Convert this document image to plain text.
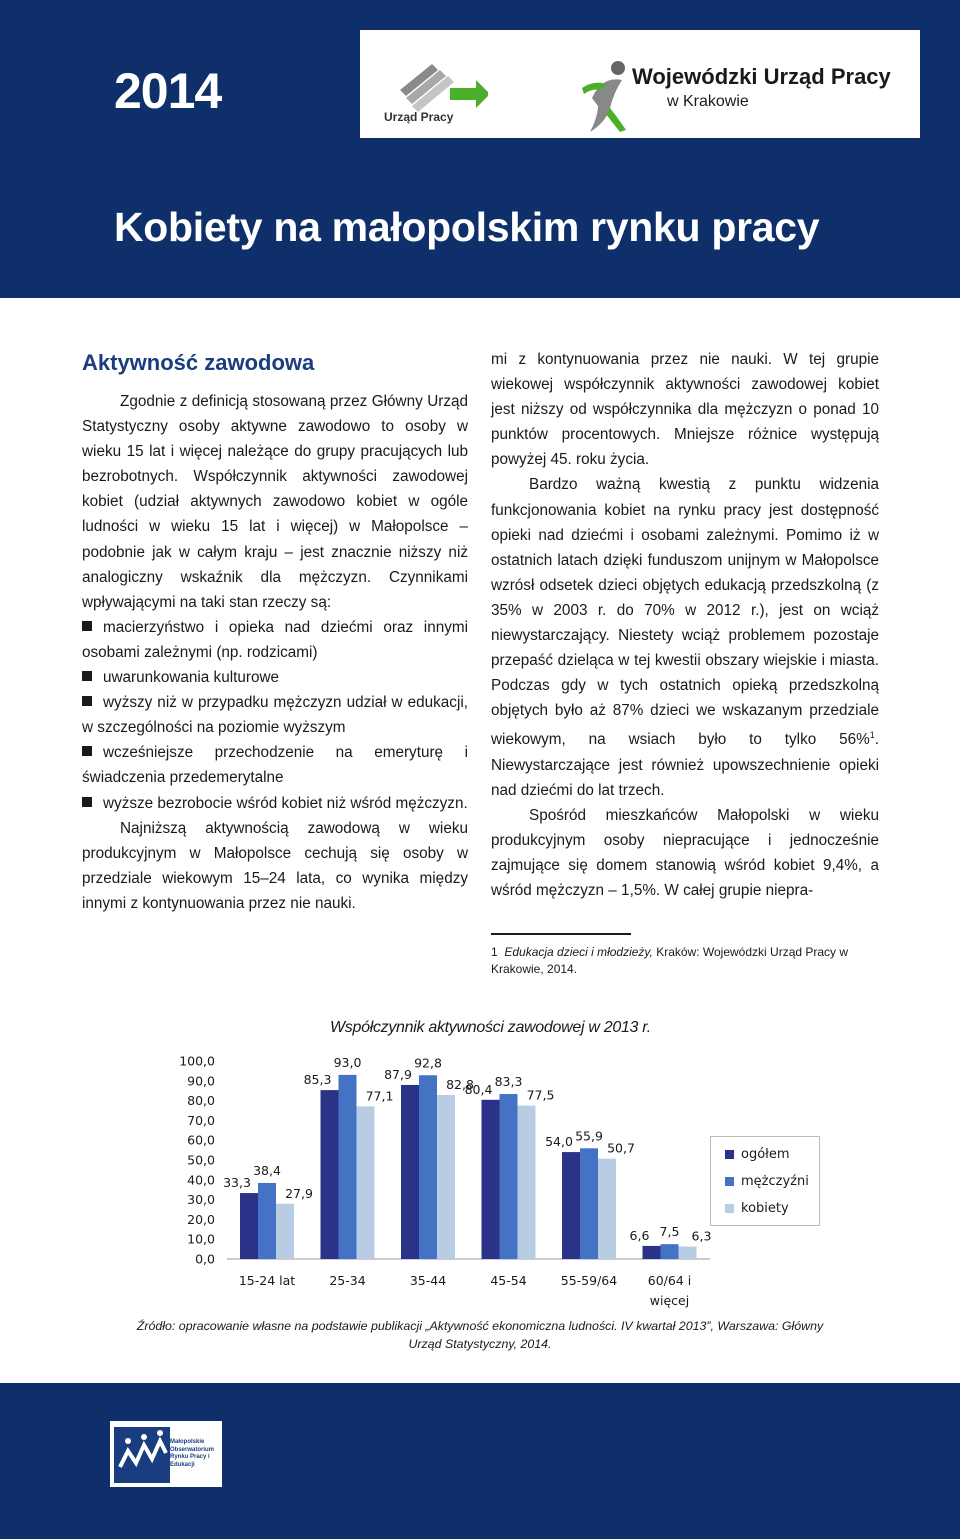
2014	Urząd Pracy
Wojewódzki Urząd Pracy
w Krakowie
Kobiety na małopolskim rynku pracy
Aktywność zawodowa

Zgodnie z definicją stosowaną przez Główny Urząd Statystyczny osoby aktywne zawodowo to osoby w wieku 15 lat i więcej należące do grupy pracujących lub bezrobotnych. Współczynnik aktywności zawodowej kobiet (udział aktywnych zawodowo kobiet w ogóle ludności w wieku 15 lat i więcej) w Małopolsce – podobnie jak w całym kraju – jest znacznie niższy niż analogiczny wskaźnik dla mężczyzn. Czynnikami wpływającymi na taki stan rzeczy są:

macierzyństwo i opieka nad dziećmi oraz innymi osobami zależnymi (np. rodzicami)

uwarunkowania kulturowe

wyższy niż w przypadku mężczyzn udział w edukacji, w szczególności na poziomie wyższym

wcześniejsze przechodzenie na emeryturę i świadczenia przedemerytalne

wyższe bezrobocie wśród kobiet niż wśród mężczyzn.

Najniższą aktywnością zawodową w wieku produkcyjnym w Małopolsce cechują się osoby w przedziale wiekowym 15–24 lata, co wynika między innymi z kontynuowania przez nie nauki.

mi z kontynuowania przez nie nauki. W tej grupie wiekowej współczynnik aktywności zawodowej kobiet jest niższy od współczynnika dla mężczyzn o ponad 10 punktów procentowych. Mniejsze różnice występują powyżej 45. roku życia.

Bardzo ważną kwestią z punktu widzenia funkcjonowania kobiet na rynku pracy jest dostępność opieki nad dziećmi i osobami zależnymi. Pomimo iż w ostatnich latach dzięki funduszom unijnym w Małopolsce wzrósł odsetek dzieci objętych edukacją przedszkolną (z 35% w 2003 r. do 70% w 2012 r.), jest on wciąż niewystarczający. Niestety wciąż problemem pozostaje przepaść dzieląca w tej kwestii obszary wiejskie i miasta. Podczas gdy w tych ostatnich opieką przedszkolną objętych było aż 87% dzieci we wskazanym przedziale wiekowym, na wsiach było to tylko 56%$^1$. Niewystarczające jest również upowszechnienie opieki nad dziećmi do lat trzech.

Spośród mieszkańców Małopolski w wieku produkcyjnym osoby niepracujące i jednocześnie zajmujące się domem stanowią wśród kobiet 9,4%, a wśród mężczyzn – 1,5%. W całej grupie niepra-

1 Edukacja dzieci i młodzieży, Kraków: Wojewódzki Urząd Pracy w Krakowie, 2014.
Współczynnik aktywności zawodowej w 2013 r.
0,0
10,0
20,0
30,0
40,0
50,0
60,0
70,0
80,0
90,0
100,0
33,3
38,4
27,9
15-24 lat
85,3
93,0
77,1
25-34
87,9
92,8
82,8
35-44
80,4
83,3
77,5
45-54
54,0 55,9
50,7
55-59/64
6,6 7,5 6,3
60/64 i
więcej
ogółem
mężczyźni
kobiety
Źródło: opracowanie własne na podstawie publikacji „Aktywność ekonomiczna ludności. IV kwartał 2013”, Warszawa: Główny Urząd Statystyczny, 2014.
Małopolskie Obserwatorium Rynku Pracy i Edukacji
